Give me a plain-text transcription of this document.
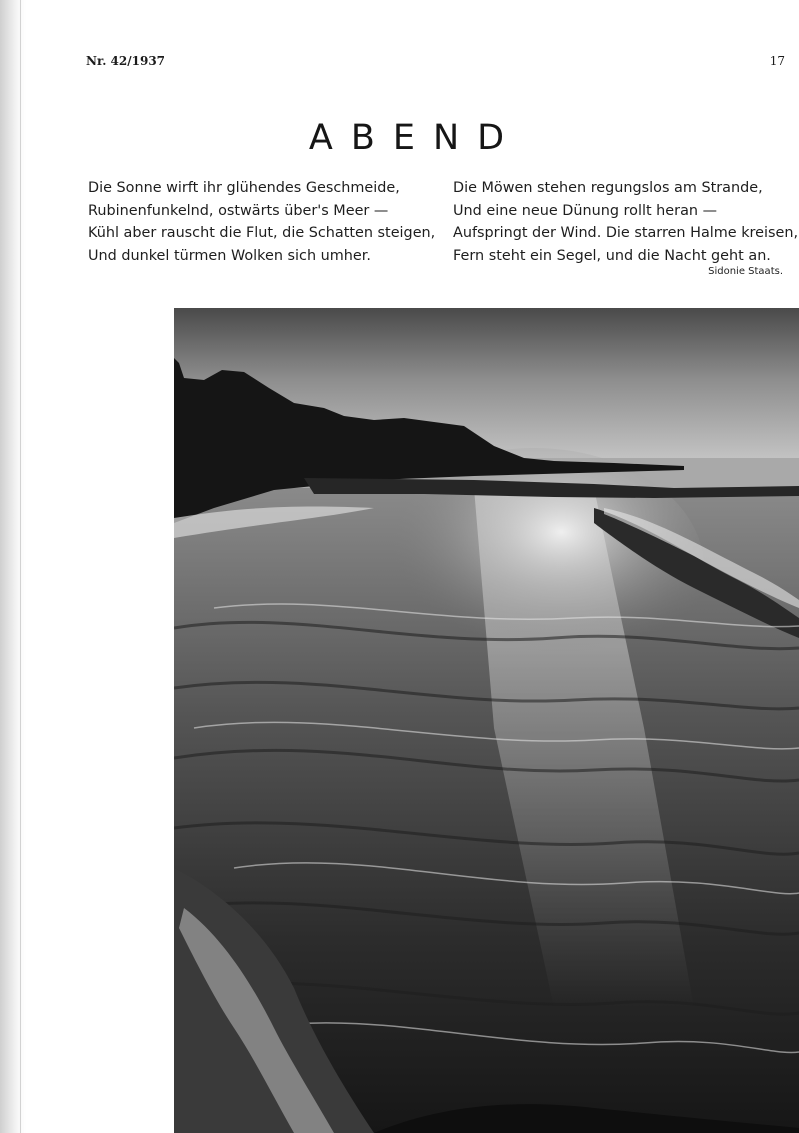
Nr. 42/1937	17
ABEND
Die Sonne wirft ihr glühendes Geschmeide,
Rubinenfunkelnd, ostwärts über's Meer —
Kühl aber rauscht die Flut, die Schatten steigen,
Und dunkel türmen Wolken sich umher.
Die Möwen stehen regungslos am Strande,
Und eine neue Dünung rollt heran —
Aufspringt der Wind. Die starren Halme kreisen,
Fern steht ein Segel, und die Nacht geht an.
Sidonie Staats.
